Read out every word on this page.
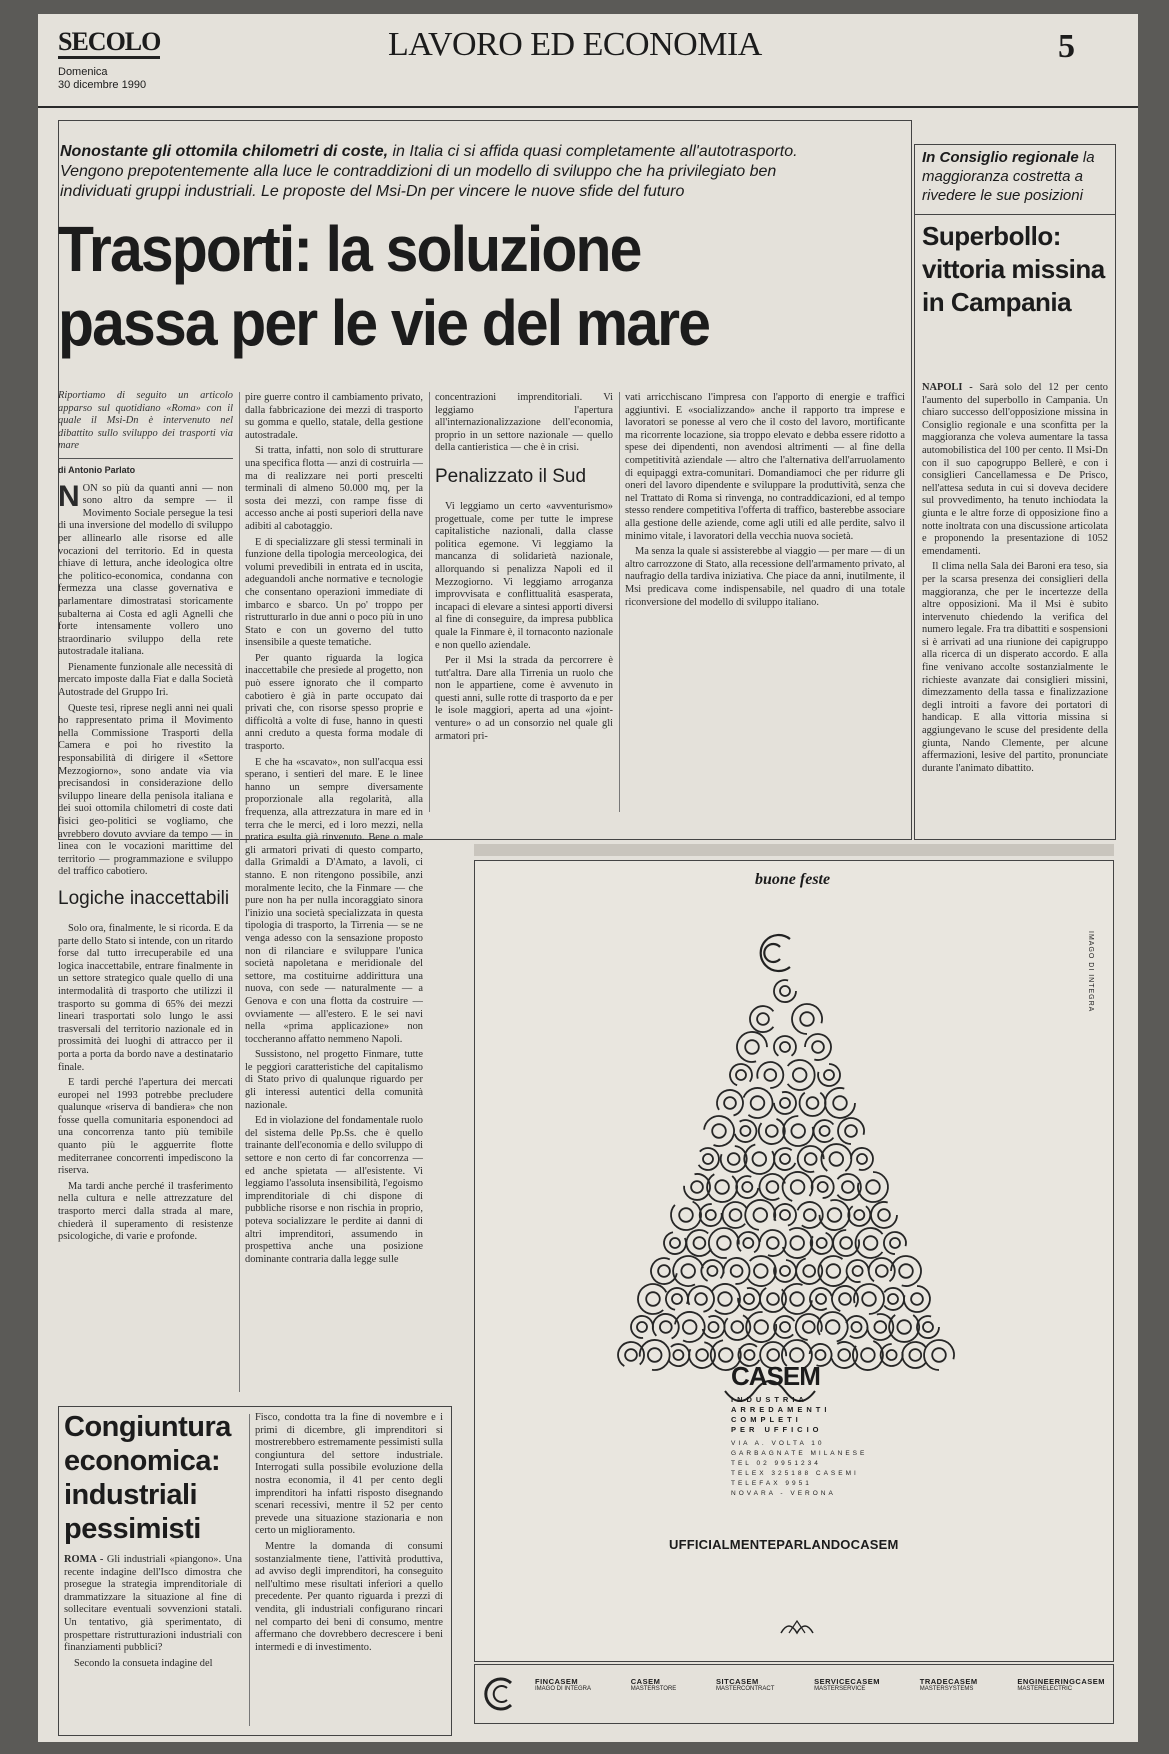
SECOLO
Domenica
30 dicembre 1990
LAVORO ED ECONOMIA	5
Nonostante gli ottomila chilometri di coste, in Italia ci si affida quasi completamente all'autotrasporto. Vengono prepotentemente alla luce le contraddizioni di un modello di sviluppo che ha privilegiato ben individuati gruppi industriali. Le proposte del Msi-Dn per vincere le nuove sfide del futuro
Trasporti: la soluzione
passa per le vie del mare
Riportiamo di seguito un articolo apparso sul quotidiano «Roma» con il quale il Msi-Dn è intervenuto nel dibattito sullo sviluppo dei trasporti via mare
di Antonio Parlato

NON so più da quanti anni — non sono altro da sempre — il Movimento Sociale persegue la tesi di una inversione del modello di sviluppo per allinearlo alle risorse ed alle vocazioni del territorio. Ed in questa chiave di lettura, anche ideologica oltre che politico-economica, condanna con fermezza una classe governativa e parlamentare dimostratasi storicamente subalterna ai Costa ed agli Agnelli che forte intensamente vollero uno straordinario sviluppo della rete autostradale italiana.

Pienamente funzionale alle necessità di mercato imposte dalla Fiat e dalla Società Autostrade del Gruppo Iri.

Queste tesi, riprese negli anni nei quali ho rappresentato prima il Movimento nella Commissione Trasporti della Camera e poi ho rivestito la responsabilità di dirigere il «Settore Mezzogiorno», sono andate via via precisandosi in considerazione dello sviluppo lineare della penisola italiana e dei suoi ottomila chilometri di coste dati fisici geo-politici se vogliamo, che avrebbero dovuto avviare da tempo — in linea con le vocazioni marittime del territorio — programmazione e sviluppo del traffico cabotiero.

Logiche inaccettabili

Solo ora, finalmente, le si ricorda. E da parte dello Stato si intende, con un ritardo forse dal tutto irrecuperabile ed una logica inaccettabile, entrare finalmente in un settore strategico quale quello di una intermodalità di trasporto che utilizzi il trasporto su gomma di 65% dei mezzi lineari trasportati solo lungo le assi trasversali del territorio nazionale ed in prossimità dei luoghi di attracco per il porta a porta da bordo nave a destinatario finale.

E tardi perché l'apertura dei mercati europei nel 1993 potrebbe precludere qualunque «riserva di bandiera» che non fosse quella comunitaria esponendoci ad una concorrenza tanto più temibile quanto più le agguerrite flotte mediterranee concorrenti impediscono la riserva.

Ma tardi anche perché il trasferimento nella cultura e nelle attrezzature del trasporto merci dalla strada al mare, chiederà il superamento di resistenze psicologiche, di varie e profonde.

pire guerre contro il cambiamento privato, dalla fabbricazione dei mezzi di trasporto su gomma e quello, statale, della gestione autostradale.

Si tratta, infatti, non solo di strutturare una specifica flotta — anzi di costruirla — ma di realizzare nei porti prescelti terminali di almeno 50.000 mq, per la sosta dei mezzi, con rampe fisse di accesso anche ai posti superiori della nave adibiti al cabotaggio.

E di specializzare gli stessi terminali in funzione della tipologia merceologica, dei volumi prevedibili in entrata ed in uscita, adeguandoli anche normative e tecnologie che consentano operazioni immediate di imbarco e sbarco. Un po' troppo per ristrutturarlo in due anni o poco più in uno Stato e con un governo del tutto insensibile a queste tematiche.

Per quanto riguarda la logica inaccettabile che presiede al progetto, non può essere ignorato che il comparto cabotiero è già in parte occupato dai privati che, con risorse spesso proprie e difficoltà a volte di fuse, hanno in questi anni creduto a questa forma modale di trasporto.

E che ha «scavato», non sull'acqua essi sperano, i sentieri del mare. E le linee hanno un sempre diversamente proporzionale alla regolarità, alla frequenza, alla attrezzatura in mare ed in terra che le merci, ed i loro mezzi, nella pratica esulta già rinvenuto. Bene o male gli armatori privati di questo comparto, dalla Grimaldi a D'Amato, a lavoli, ci stanno. E non ritengono possibile, anzi moralmente lecito, che la Finmare — che pure non ha per nulla incoraggiato sinora l'inizio una società specializzata in questa tipologia di trasporto, la Tirrenia — se ne venga adesso con la sensazione proposto non di rilanciare e sviluppare l'unica società napoletana e meridionale del settore, ma costituirne addirittura una nuova, con sede — naturalmente — a Genova e con una flotta da costruire — ovviamente — all'estero. E le sei navi nella «prima applicazione» non toccheranno affatto nemmeno Napoli.

Sussistono, nel progetto Finmare, tutte le peggiori caratteristiche del capitalismo di Stato privo di qualunque riguardo per gli interessi autentici della comunità nazionale.

Ed in violazione del fondamentale ruolo del sistema delle Pp.Ss. che è quello trainante dell'economia e dello sviluppo di settore e non certo di far concorrenza — ed anche spietata — all'esistente. Vi leggiamo l'assoluta insensibilità, l'egoismo imprenditoriale di chi dispone di pubbliche risorse e non rischia in proprio, poteva socializzare le perdite ai danni di altri imprenditori, assumendo in prospettiva anche una posizione dominante contraria dalla legge sulle

concentrazioni imprenditoriali. Vi leggiamo l'apertura all'internazionalizzazione dell'economia, proprio in un settore nazionale — quello della cantieristica — che è in crisi.

Penalizzato il Sud

Vi leggiamo un certo «avventurismo» progettuale, come per tutte le imprese capitalistiche nazionali, dalla classe politica egemone. Vi leggiamo la mancanza di solidarietà nazionale, allorquando si penalizza Napoli ed il Mezzogiorno. Vi leggiamo arroganza improvvisata e conflittualità esasperata, incapaci di elevare a sintesi apporti diversi al fine di conseguire, da impresa pubblica quale la Finmare è, il tornaconto nazionale e non quello aziendale.

Per il Msi la strada da percorrere è tutt'altra. Dare alla Tirrenia un ruolo che non le appartiene, come è avvenuto in questi anni, sulle rotte di trasporto da e per le isole maggiori, aperta ad una «joint-venture» o ad un consorzio nel quale gli armatori pri-

vati arricchiscano l'impresa con l'apporto di energie e traffici aggiuntivi. E «socializzando» anche il rapporto tra imprese e lavoratori se ponesse al vero che il costo del lavoro, mortificante ma ricorrente locazione, sia troppo elevato e debba essere ridotto a spese dei dipendenti, non avendosi altrimenti — al fine della competitività aziendale — altro che l'alternativa dell'arruolamento di equipaggi extra-comunitari. Domandiamoci che per ridurre gli oneri del lavoro dipendente e sviluppare la produttività, senza che nel Trattato di Roma si rinvenga, no contraddicazioni, ed al tempo stesso rendere competitiva l'offerta di traffico, basterebbe associare alla gestione delle aziende, come agli utili ed alle perdite, salvo il minimo vitale, i lavoratori della vecchia nuova società.

Ma senza la quale si assisterebbe al viaggio — per mare — di un altro carrozzone di Stato, alla recessione dell'armamento privato, al naufragio della tardiva iniziativa. Che piace da anni, inutilmente, il Msi predicava come indispensabile, nel quadro di una totale riconversione del modello di sviluppo italiano.

In Consiglio regionale la maggioranza costretta a rivedere le sue posizioni
Superbollo: vittoria missina in Campania

NAPOLI - Sarà solo del 12 per cento l'aumento del superbollo in Campania. Un chiaro successo dell'opposizione missina in Consiglio regionale e una sconfitta per la maggioranza che voleva aumentare la tassa automobilistica del 100 per cento. Il Msi-Dn con il suo capogruppo Bellerè, e con i consiglieri Cancellamessa e De Prisco, nell'attesa seduta in cui si doveva decidere sul provvedimento, ha tenuto inchiodata la giunta e le altre forze di opposizione fino a notte inoltrata con una discussione articolata e proponendo la presentazione di 1052 emendamenti.

Il clima nella Sala dei Baroni era teso, sia per la scarsa presenza dei consiglieri della maggioranza, che per le incertezze della altre opposizioni. Ma il Msi è subito intervenuto chiedendo la verifica del numero legale. Fra tra dibattiti e sospensioni si è arrivati ad una riunione dei capigruppo alla ricerca di un disperato accordo. E alla fine venivano accolte sostanzialmente le richieste avanzate dai consiglieri missini, dimezzamento della tassa e finalizzazione degli introiti a favore dei portatori di handicap. E alla vittoria missina si aggiungevano le scuse del presidente della giunta, Nando Clemente, per alcune affermazioni, lesive del partito, pronunciate durante l'animato dibattito.

Congiuntura economica: industriali pessimisti

ROMA - Gli industriali «piangono». Una recente indagine dell'Isco dimostra che prosegue la strategia imprenditoriale di drammatizzare la situazione al fine di sollecitare eventuali sovvenzioni statali. Un tentativo, già sperimentato, di prospettare ristrutturazioni industriali con finanziamenti pubblici?

Secondo la consueta indagine del

Fisco, condotta tra la fine di novembre e i primi di dicembre, gli imprenditori si mostrerebbero estremamente pessimisti sulla congiuntura del settore industriale. Interrogati sulla possibile evoluzione della nostra economia, il 41 per cento degli imprenditori ha infatti risposto disegnando scenari recessivi, mentre il 52 per cento prevede una situazione stazionaria e non certo un miglioramento.

Mentre la domanda di consumi sostanzialmente tiene, l'attività produttiva, ad avviso degli imprenditori, ha conseguito nell'ultimo mese risultati inferiori a quello precedente. Per quanto riguarda i prezzi di vendita, gli industriali configurano rincari nel comparto dei beni di consumo, mentre affermano che dovrebbero decrescere i beni intermedi e di investimento.

buone feste
IMAGO DI INTEGRA
CASEM
INDUSTRIA
ARREDAMENTI
COMPLETI
PER UFFICIO
VIA A. VOLTA 10
GARBAGNATE MILANESE
TEL 02 9951234
TELEX 325188 CASEMI
TELEFAX 9951
NOVARA - VERONA
UFFICIALMENTEPARLANDOCASEM
FINCASEM
IMAGO DI INTEGRA
CASEM
MASTERSTORE
SITCASEM
MASTERCONTRACT
SERVICECASEM
MASTERSERVICE
TRADECASEM
MASTERSYSTEMS
ENGINEERINGCASEM
MASTERELECTRIC
